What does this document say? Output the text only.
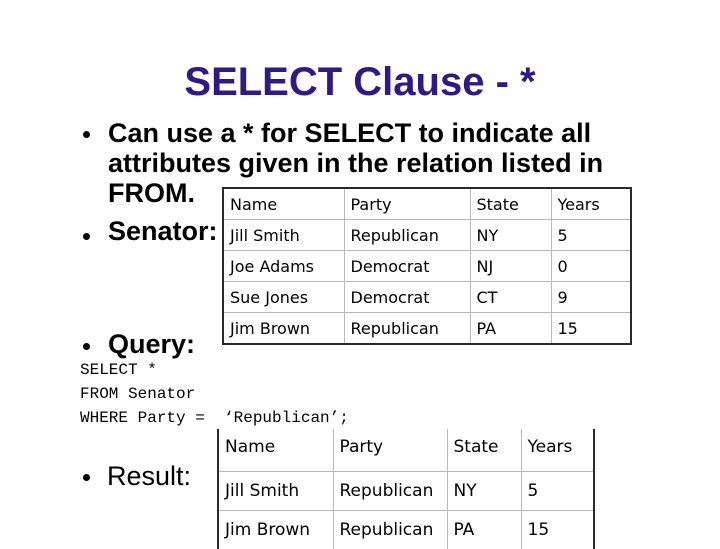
SELECT Clause - *
Can use a * for SELECT to indicate all
attributes given in the relation listed in
FROM.
Senator:
Query:
SELECT *
FROM Senator
WHERE Party =  ‘Republican’;
Result:
Name	Party	State	Years
Jill Smith	Republican	NY	5
Joe Adams	Democrat	NJ	0
Sue Jones	Democrat	CT	9
Jim Brown	Republican	PA	15
Name	Party	State	Years
Jill Smith	Republican	NY	5
Jim Brown	Republican	PA	15
